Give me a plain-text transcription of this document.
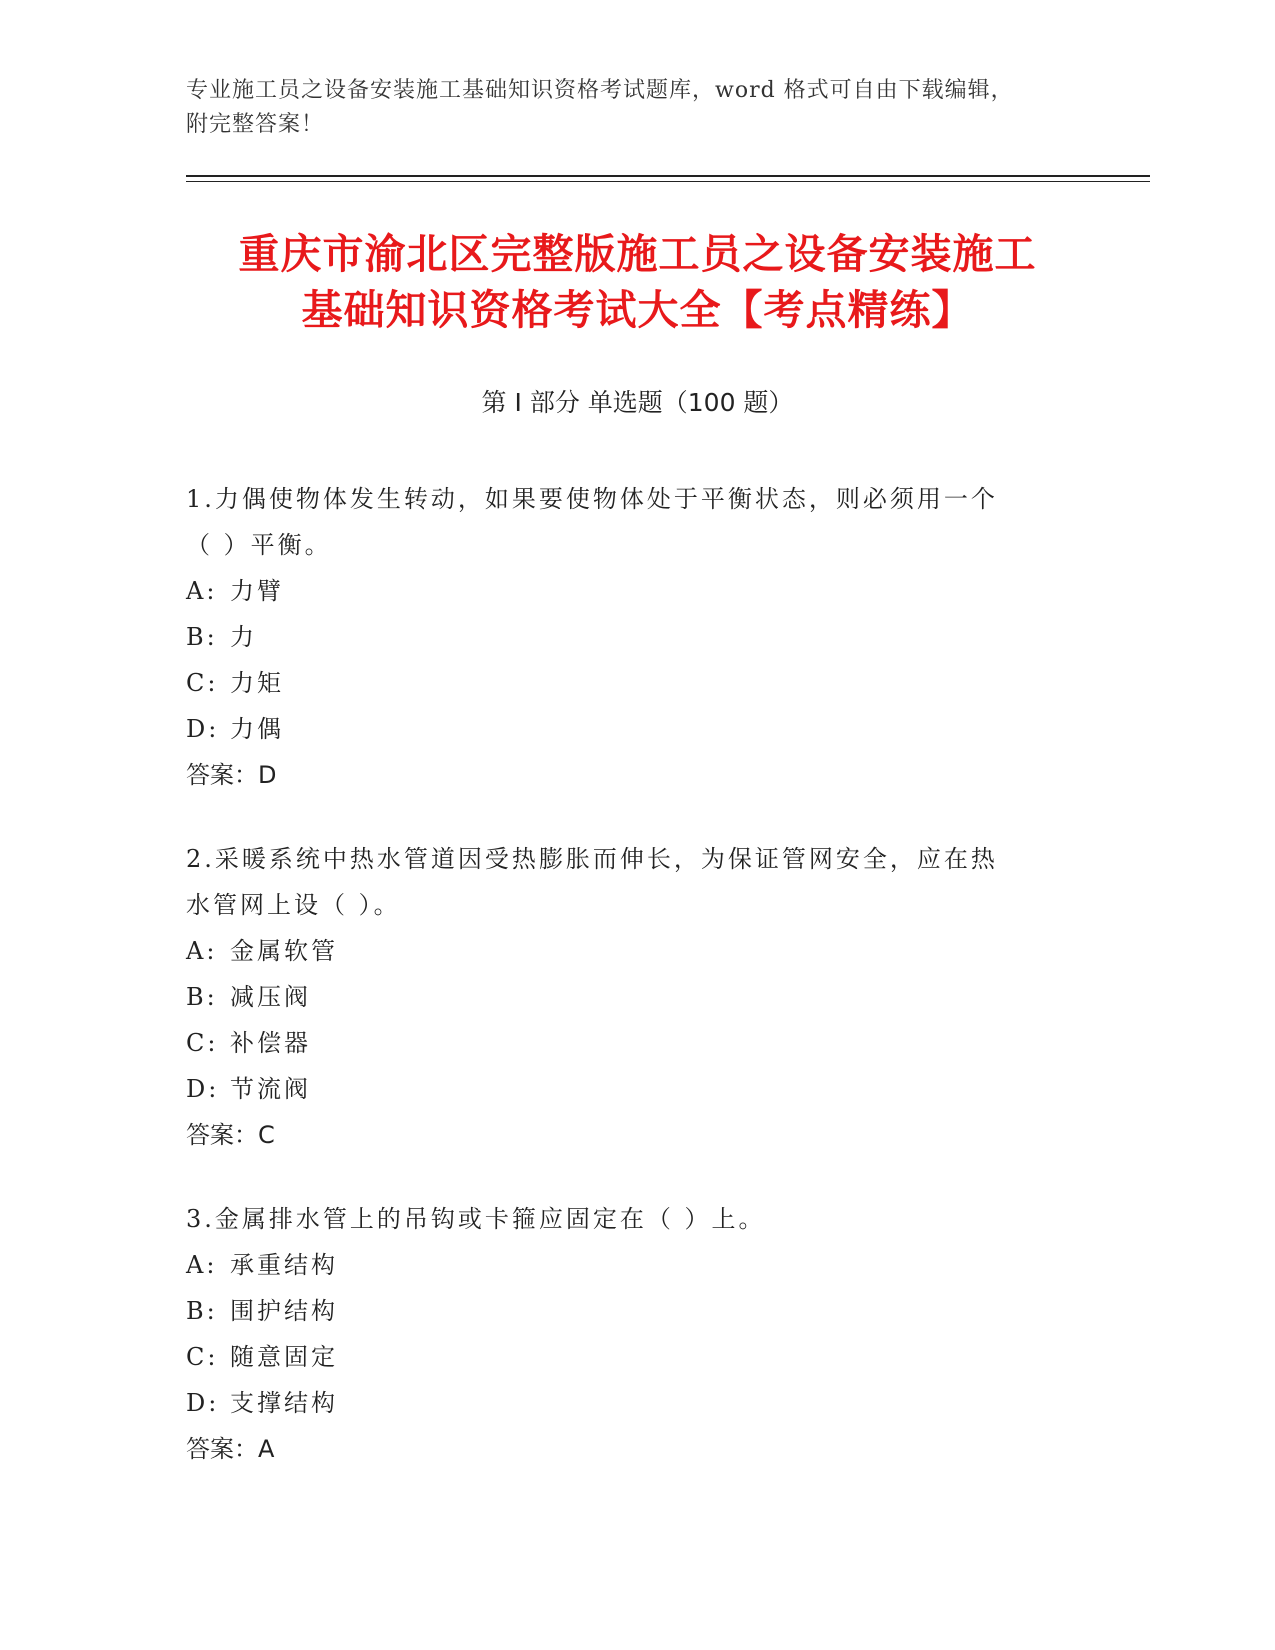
专业施工员之设备安装施工基础知识资格考试题库，word 格式可自由下载编辑，
附完整答案！
重庆市渝北区完整版施工员之设备安装施工
基础知识资格考试大全【考点精练】
第 I 部分 单选题（100 题）

1.力偶使物体发生转动，如果要使物体处于平衡状态，则必须用一个

（ ）平衡。

A: 力臂

B: 力

C: 力矩

D: 力偶

答案：D

2.采暖系统中热水管道因受热膨胀而伸长，为保证管网安全，应在热

水管网上设（ ）。

A: 金属软管

B: 减压阀

C: 补偿器

D: 节流阀

答案：C

3.金属排水管上的吊钩或卡箍应固定在（ ）上。

A: 承重结构

B: 围护结构

C: 随意固定

D: 支撑结构

答案：A
